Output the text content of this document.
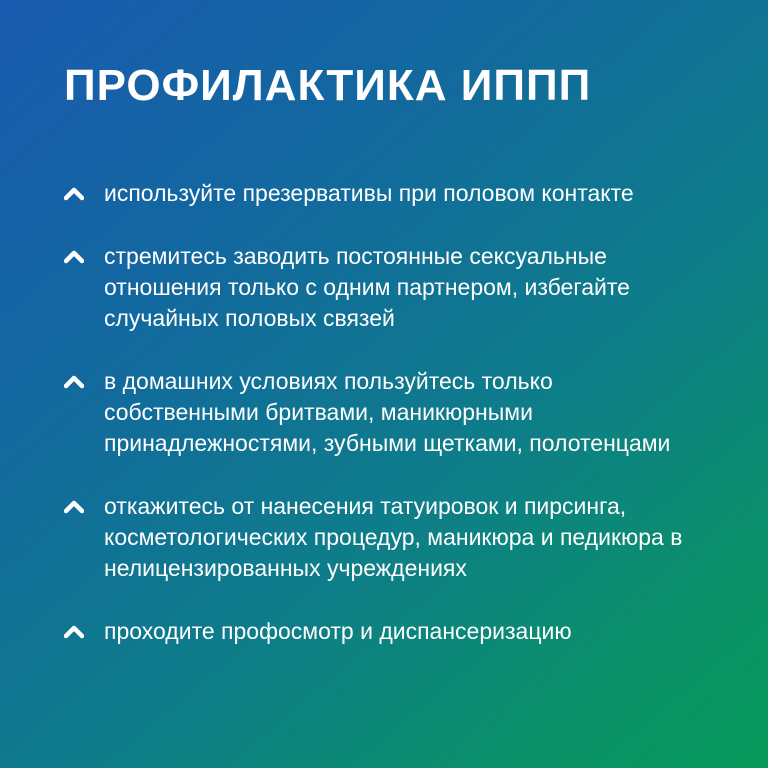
ПРОФИЛАКТИКА ИППП
используйте презервативы при половом контакте
стремитесь заводить постоянные сексуальные отношения только с одним партнером, избегайте случайных половых связей
в домашних условиях пользуйтесь только собственными бритвами, маникюрными принадлежностями, зубными щетками, полотенцами
откажитесь от нанесения татуировок и пирсинга, косметологических процедур, маникюра и педикюра в нелицензированных учреждениях
проходите профосмотр и диспансеризацию
